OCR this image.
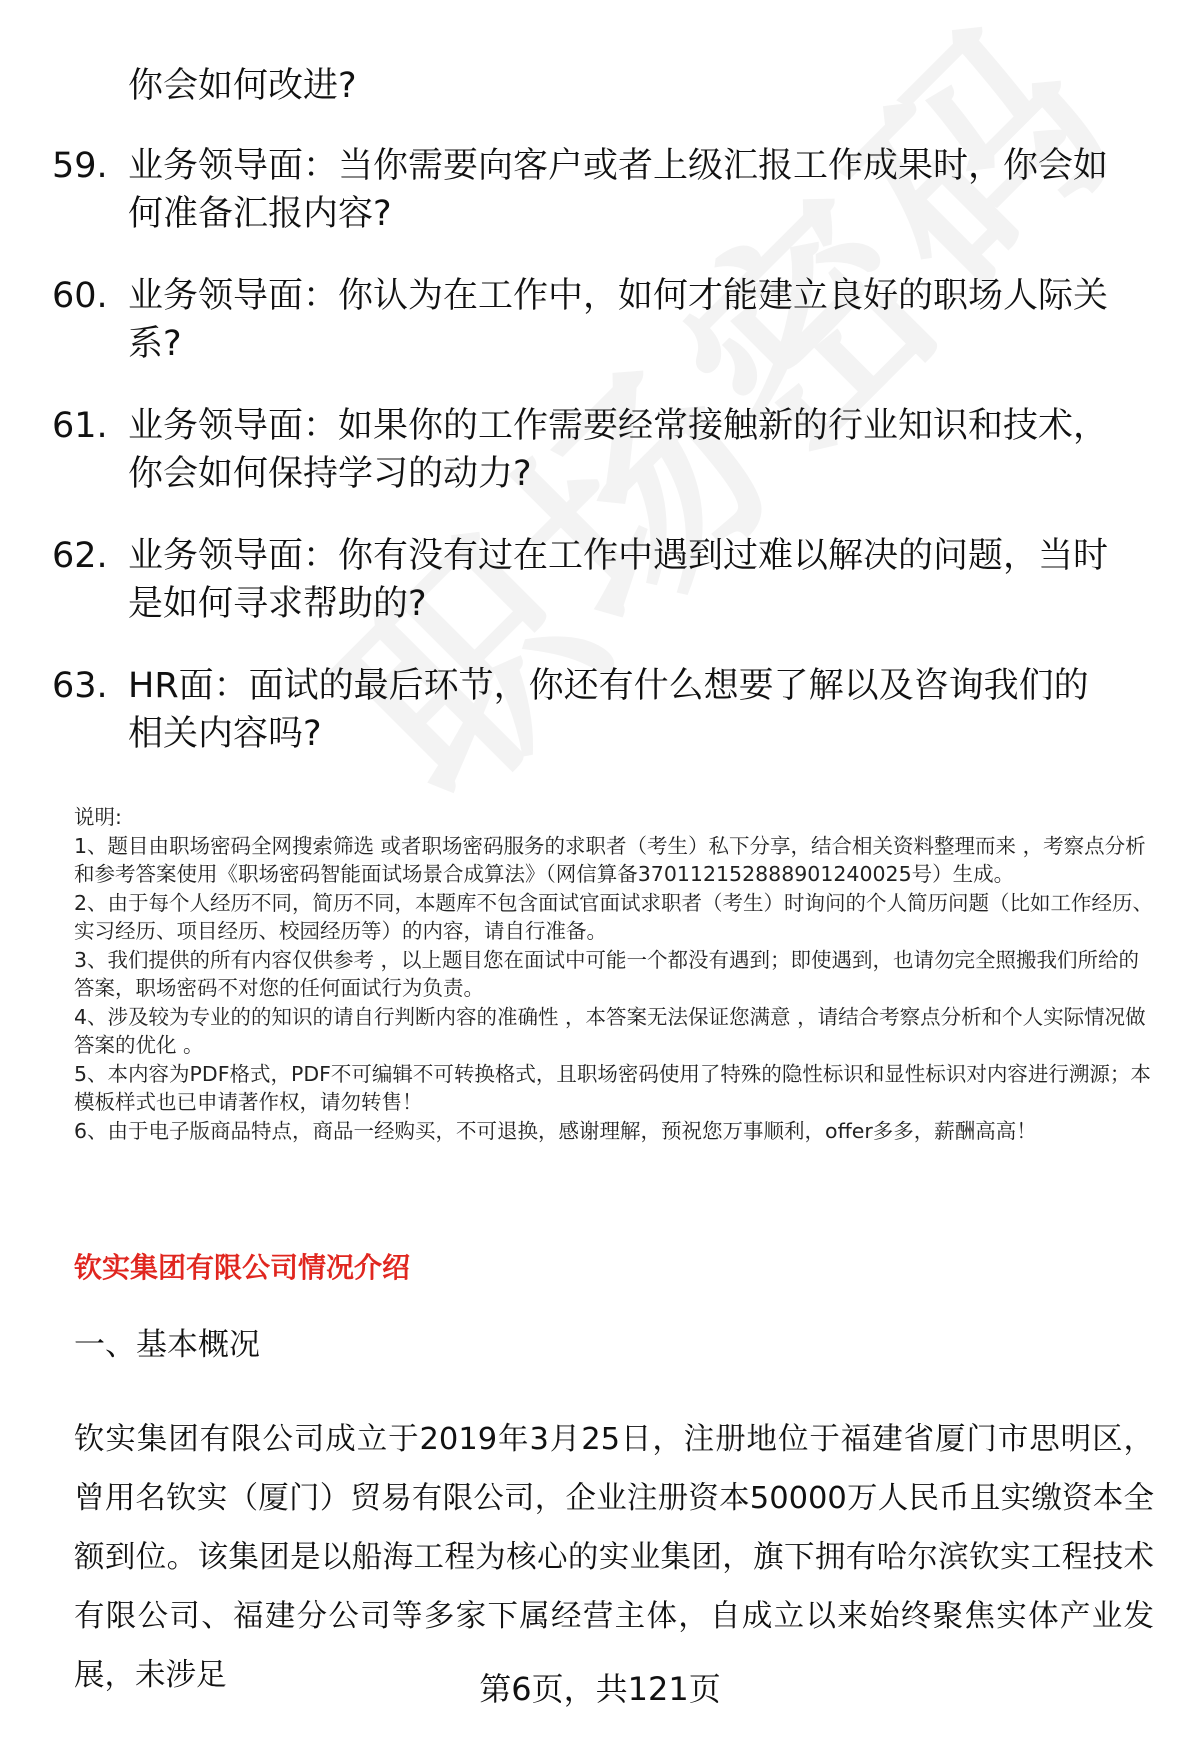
你会如何改进?
59. 业务领导面：当你需要向客户或者上级汇报工作成果时，你会如何准备汇报内容?
60. 业务领导面：你认为在工作中，如何才能建立良好的职场人际关系?
61. 业务领导面：如果你的工作需要经常接触新的行业知识和技术，你会如何保持学习的动力?
62. 业务领导面：你有没有过在工作中遇到过难以解决的问题，当时是如何寻求帮助的?
63. HR面：面试的最后环节，你还有什么想要了解以及咨询我们的相关内容吗?
说明:
1、题目由职场密码全网搜索筛选 或者职场密码服务的求职者（考生）私下分享，结合相关资料整理而来 ，考察点分析和参考答案使用《职场密码智能面试场景合成算法》（网信算备370112152888901240025号）生成。
2、由于每个人经历不同，简历不同，本题库不包含面试官面试求职者（考生）时询问的个人简历问题（比如工作经历、实习经历、项目经历、校园经历等）的内容，请自行准备。
3、我们提供的所有内容仅供参考 ，以上题目您在面试中可能一个都没有遇到；即使遇到，也请勿完全照搬我们所给的答案，职场密码不对您的任何面试行为负责。
4、涉及较为专业的的知识的请自行判断内容的准确性 ，本答案无法保证您满意 ，请结合考察点分析和个人实际情况做答案的优化 。
5、本内容为PDF格式，PDF不可编辑不可转换格式，且职场密码使用了特殊的隐性标识和显性标识对内容进行溯源；本模板样式也已申请著作权，请勿转售！
6、由于电子版商品特点，商品一经购买，不可退换，感谢理解，预祝您万事顺利，offer多多，薪酬高高！
钦实集团有限公司情况介绍
一、基本概况
钦实集团有限公司成立于2019年3月25日，注册地位于福建省厦门市思明区，曾用名钦实（厦门）贸易有限公司，企业注册资本50000万人民币且实缴资本全额到位。该集团是以船海工程为核心的实业集团，旗下拥有哈尔滨钦实工程技术有限公司、福建分公司等多家下属经营主体，自成立以来始终聚焦实体产业发展，未涉足	第6页，共121页
